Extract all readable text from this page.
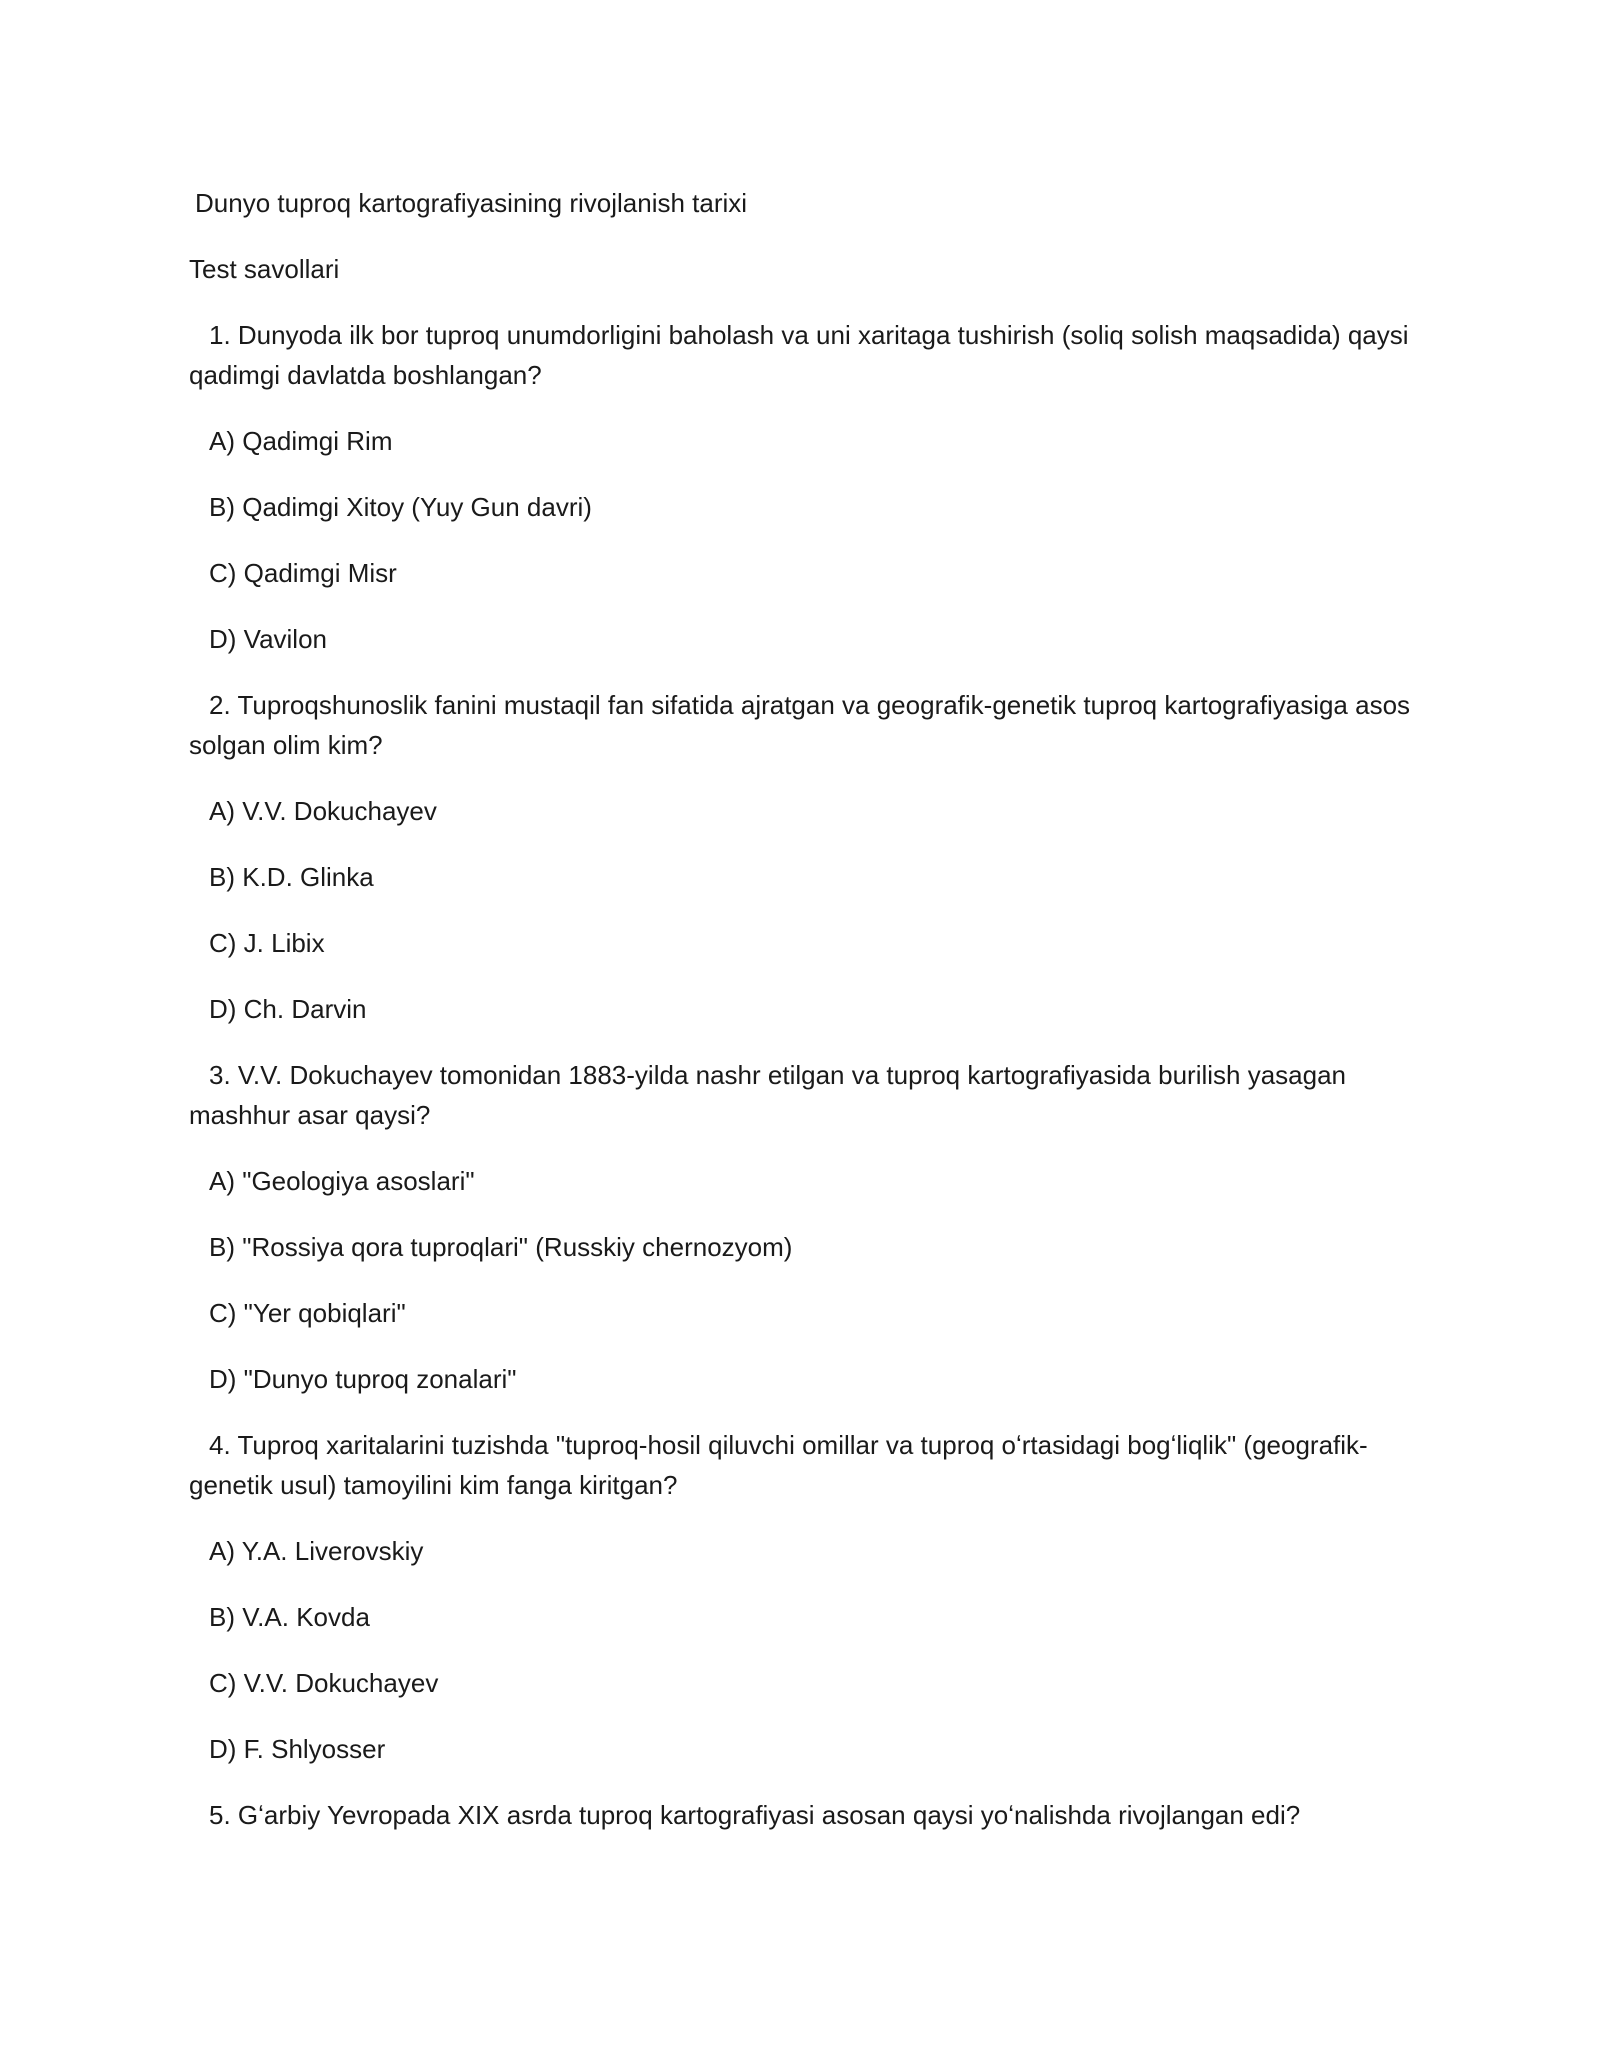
Dunyo tuproq kartografiyasining rivojlanish tarixi

Test savollari

1. Dunyoda ilk bor tuproq unumdorligini baholash va uni xaritaga tushirish (soliq solish maqsadida) qaysi qadimgi davlatda boshlangan?

A) Qadimgi Rim

B) Qadimgi Xitoy (Yuy Gun davri)

C) Qadimgi Misr

D) Vavilon

2. Tuproqshunoslik fanini mustaqil fan sifatida ajratgan va geografik-genetik tuproq kartografiyasiga asos solgan olim kim?

A) V.V. Dokuchayev

B) K.D. Glinka

C) J. Libix

D) Ch. Darvin

3. V.V. Dokuchayev tomonidan 1883-yilda nashr etilgan va tuproq kartografiyasida burilish yasagan mashhur asar qaysi?

A) "Geologiya asoslari"

B) "Rossiya qora tuproqlari" (Russkiy chernozyom)

C) "Yer qobiqlari"

D) "Dunyo tuproq zonalari"

4. Tuproq xaritalarini tuzishda "tuproq-hosil qiluvchi omillar va tuproq oʻrtasidagi bogʻliqlik" (geografik-genetik usul) tamoyilini kim fanga kiritgan?

A) Y.A. Liverovskiy

B) V.A. Kovda

C) V.V. Dokuchayev

D) F. Shlyosser

5. Gʻarbiy Yevropada XIX asrda tuproq kartografiyasi asosan qaysi yoʻnalishda rivojlangan edi?
